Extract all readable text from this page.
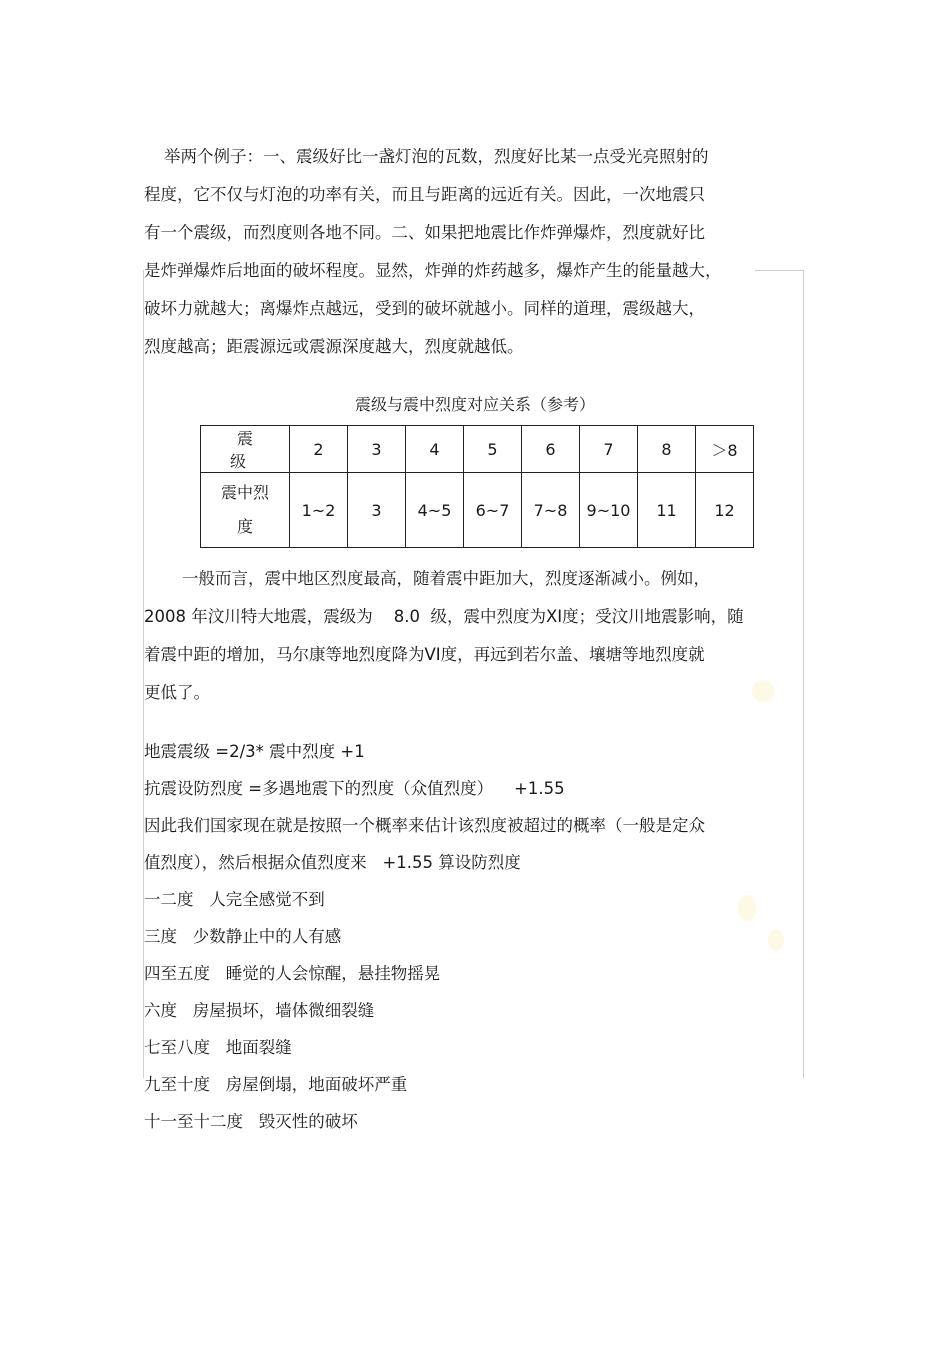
举两个例子：一、震级好比一盏灯泡的瓦数，烈度好比某一点受光亮照射的
程度，它不仅与灯泡的功率有关，而且与距离的远近有关。因此，一次地震只
有一个震级，而烈度则各地不同。二、如果把地震比作炸弹爆炸，烈度就好比
是炸弹爆炸后地面的破坏程度。显然，炸弹的炸药越多，爆炸产生的能量越大，
破坏力就越大；离爆炸点越远，受到的破坏就越小。同样的道理，震级越大，
烈度越高；距震源远或震源深度越大，烈度就越低。
震级与震中烈度对应关系（参考）
震 级	2	3	4	5	6	7	8	＞8
震中烈
度	1~2	3	4~5	6~7	7~8	9~10	11	12
一般而言，震中地区烈度最高，随着震中距加大，烈度逐渐减小。例如，
2008 年汶川特大地震，震级为    8.0  级，震中烈度为XI度；受汶川地震影响，随
着震中距的增加，马尔康等地烈度降为VI度，再远到若尔盖、壤塘等地烈度就
更低了。
地震震级 =2/3* 震中烈度 +1
抗震设防烈度 =多遇地震下的烈度（众值烈度）    +1.55
因此我们国家现在就是按照一个概率来估计该烈度被超过的概率（一般是定众
值烈度），然后根据众值烈度来   +1.55 算设防烈度
一二度   人完全感觉不到
三度   少数静止中的人有感
四至五度   睡觉的人会惊醒，悬挂物摇晃
六度   房屋损坏，墙体微细裂缝
七至八度   地面裂缝
九至十度   房屋倒塌，地面破坏严重
十一至十二度   毁灭性的破坏
